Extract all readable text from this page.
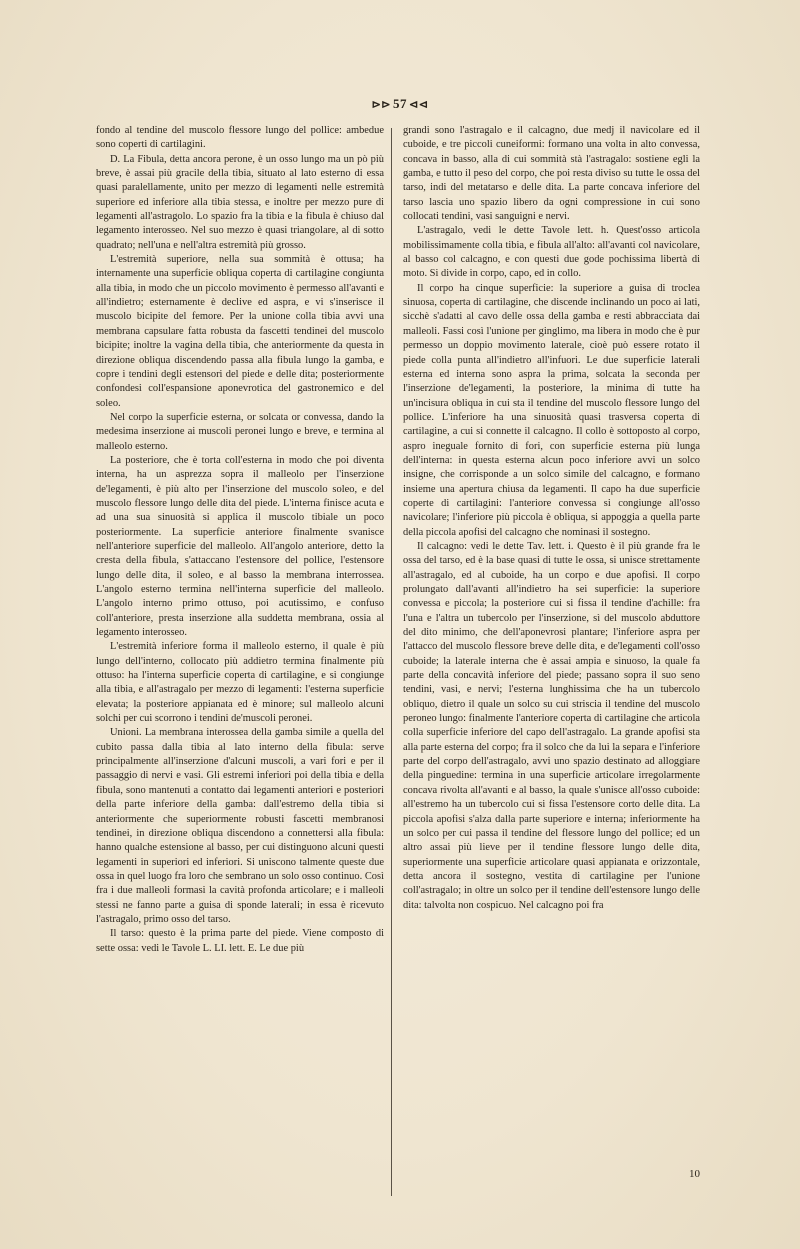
⊳⊳ 57 ⊲⊲

fondo al tendine del muscolo flessore lungo del pollice: ambedue sono coperti di cartilagini.

D. La Fibula, detta ancora perone, è un osso lungo ma un pò più breve, è assai più gracile della tibia, situato al lato esterno di essa quasi paralellamente, unito per mezzo di legamenti nelle estremità superiore ed inferiore alla tibia stessa, e inoltre per mezzo pure di legamenti all'astragolo. Lo spazio fra la tibia e la fibula è chiuso dal legamento interosseo. Nel suo mezzo è quasi triangolare, al di sotto quadrato; nell'una e nell'altra estremità più grosso.

L'estremità superiore, nella sua sommità è ottusa; ha internamente una superficie obliqua coperta di cartilagine congiunta alla tibia, in modo che un piccolo movimento è permesso all'avanti e all'indietro; esternamente è declive ed aspra, e vi s'inserisce il muscolo bicipite del femore. Per la unione colla tibia avvi una membrana capsulare fatta robusta da fascetti tendinei del muscolo bicipite; inoltre la vagina della tibia, che anteriormente da questa in direzione obliqua discendendo passa alla fibula lungo la gamba, e copre i tendini degli estensori del piede e delle dita; posteriormente confondesi coll'espansione aponevrotica del gastronemico e del soleo.

Nel corpo la superficie esterna, or solcata or convessa, dando la medesima inserzione ai muscoli peronei lungo e breve, e termina al malleolo esterno.

La posteriore, che è torta coll'esterna in modo che poi diventa interna, ha un asprezza sopra il malleolo per l'inserzione de'legamenti, è più alto per l'inserzione del muscolo soleo, e del muscolo flessore lungo delle dita del piede. L'interna finisce acuta e ad una sua sinuosità si applica il muscolo tibiale un poco posteriormente. La superficie anteriore finalmente svanisce nell'anteriore superficie del malleolo. All'angolo anteriore, detto la cresta della fibula, s'attaccano l'estensore del pollice, l'estensore lungo delle dita, il soleo, e al basso la membrana interrossea. L'angolo esterno termina nell'interna superficie del malleolo. L'angolo interno primo ottuso, poi acutissimo, e confuso coll'anteriore, presta inserzione alla suddetta membrana, ossia al legamento interosseo.

L'estremità inferiore forma il malleolo esterno, il quale è più lungo dell'interno, collocato più addietro termina finalmente più ottuso: ha l'interna superficie coperta di cartilagine, e si congiunge alla tibia, e all'astragalo per mezzo di legamenti: l'esterna superficie elevata; la posteriore appianata ed è minore; sul malleolo alcuni solchi per cui scorrono i tendini de'muscoli peronei.

Unioni. La membrana interossea della gamba simile a quella del cubito passa dalla tibia al lato interno della fibula: serve principalmente all'inserzione d'alcuni muscoli, a vari fori e per il passaggio di nervi e vasi. Gli estremi inferiori poi della tibia e della fibula, sono mantenuti a contatto dai legamenti anteriori e posteriori della parte inferiore della gamba: dall'estremo della tibia si anteriormente che superiormente robusti fascetti membranosi tendinei, in direzione obliqua discendono a connettersi alla fibula: hanno qualche estensione al basso, per cui distinguono alcuni questi legamenti in superiori ed inferiori. Si uniscono talmente queste due ossa in quel luogo fra loro che sembrano un solo osso continuo. Così fra i due malleoli formasi la cavità profonda articolare; e i malleoli stessi ne fanno parte a guisa di sponde laterali; in essa è ricevuto l'astragalo, primo osso del tarso.

Il tarso: questo è la prima parte del piede. Viene composto di sette ossa: vedi le Tavole L. LI. lett. E. Le due più

grandi sono l'astragalo e il calcagno, due medj il navicolare ed il cuboide, e tre piccoli cuneiformi: formano una volta in alto convessa, concava in basso, alla di cui sommità stà l'astragalo: sostiene egli la gamba, e tutto il peso del corpo, che poi resta diviso su tutte le ossa del tarso, indi del metatarso e delle dita. La parte concava inferiore del tarso lascia uno spazio libero da ogni compressione in cui sono collocati tendini, vasi sanguigni e nervi.

L'astragalo, vedi le dette Tavole lett. h. Quest'osso articola mobilissimamente colla tibia, e fibula all'alto: all'avanti col navicolare, al basso col calcagno, e con questi due gode pochissima libertà di moto. Si divide in corpo, capo, ed in collo.

Il corpo ha cinque superficie: la superiore a guisa di troclea sinuosa, coperta di cartilagine, che discende inclinando un poco ai lati, sicchè s'adatti al cavo delle ossa della gamba e resti abbracciata dai malleoli. Fassi così l'unione per ginglimo, ma libera in modo che è pur permesso un doppio movimento laterale, cioè può essere rotato il piede colla punta all'indietro all'infuori. Le due superficie laterali esterna ed interna sono aspra la prima, solcata la seconda per l'inserzione de'legamenti, la posteriore, la minima di tutte ha un'incisura obliqua in cui sta il tendine del muscolo flessore lungo del pollice. L'inferiore ha una sinuosità quasi trasversa coperta di cartilagine, a cui si connette il calcagno. Il collo è sottoposto al corpo, aspro ineguale fornito di fori, con superficie esterna più lunga dell'interna: in questa esterna alcun poco inferiore avvi un solco insigne, che corrisponde a un solco simile del calcagno, e formano insieme una apertura chiusa da legamenti. Il capo ha due superficie coperte di cartilagini: l'anteriore convessa si congiunge all'osso navicolare; l'inferiore più piccola è obliqua, si appoggia a quella parte della piccola apofisi del calcagno che nominasi il sostegno.

Il calcagno: vedi le dette Tav. lett. i. Questo è il più grande fra le ossa del tarso, ed è la base quasi di tutte le ossa, si unisce strettamente all'astragalo, ed al cuboide, ha un corpo e due apofisi. Il corpo prolungato dall'avanti all'indietro ha sei superficie: la superiore convessa e piccola; la posteriore cui si fissa il tendine d'achille: fra l'una e l'altra un tubercolo per l'inserzione, sì del muscolo abduttore del dito minimo, che dell'aponevrosi plantare; l'inferiore aspra per l'attacco del muscolo flessore breve delle dita, e de'legamenti coll'osso cuboide; la laterale interna che è assai ampia e sinuoso, la quale fa parte della concavità inferiore del piede; passano sopra il suo seno tendini, vasi, e nervi; l'esterna lunghissima che ha un tubercolo obliquo, dietro il quale un solco su cui striscia il tendine del muscolo peroneo lungo: finalmente l'anteriore coperta di cartilagine che articola colla superficie inferiore del capo dell'astragalo. La grande apofisi sta alla parte esterna del corpo; fra il solco che da lui la separa e l'inferiore parte del corpo dell'astragalo, avvi uno spazio destinato ad alloggiare della pinguedine: termina in una superficie articolare irregolarmente concava rivolta all'avanti e al basso, la quale s'unisce all'osso cuboide: all'estremo ha un tubercolo cui si fissa l'estensore corto delle dita. La piccola apofisi s'alza dalla parte superiore e interna; inferiormente ha un solco per cui passa il tendine del flessore lungo del pollice; ed un altro assai più lieve per il tendine flessore lungo delle dita, superiormente una superficie articolare quasi appianata e orizzontale, detta ancora il sostegno, vestita di cartilagine per l'unione coll'astragalo; in oltre un solco per il tendine dell'estensore lungo delle dita: talvolta non cospicuo. Nel calcagno poi fra

10
